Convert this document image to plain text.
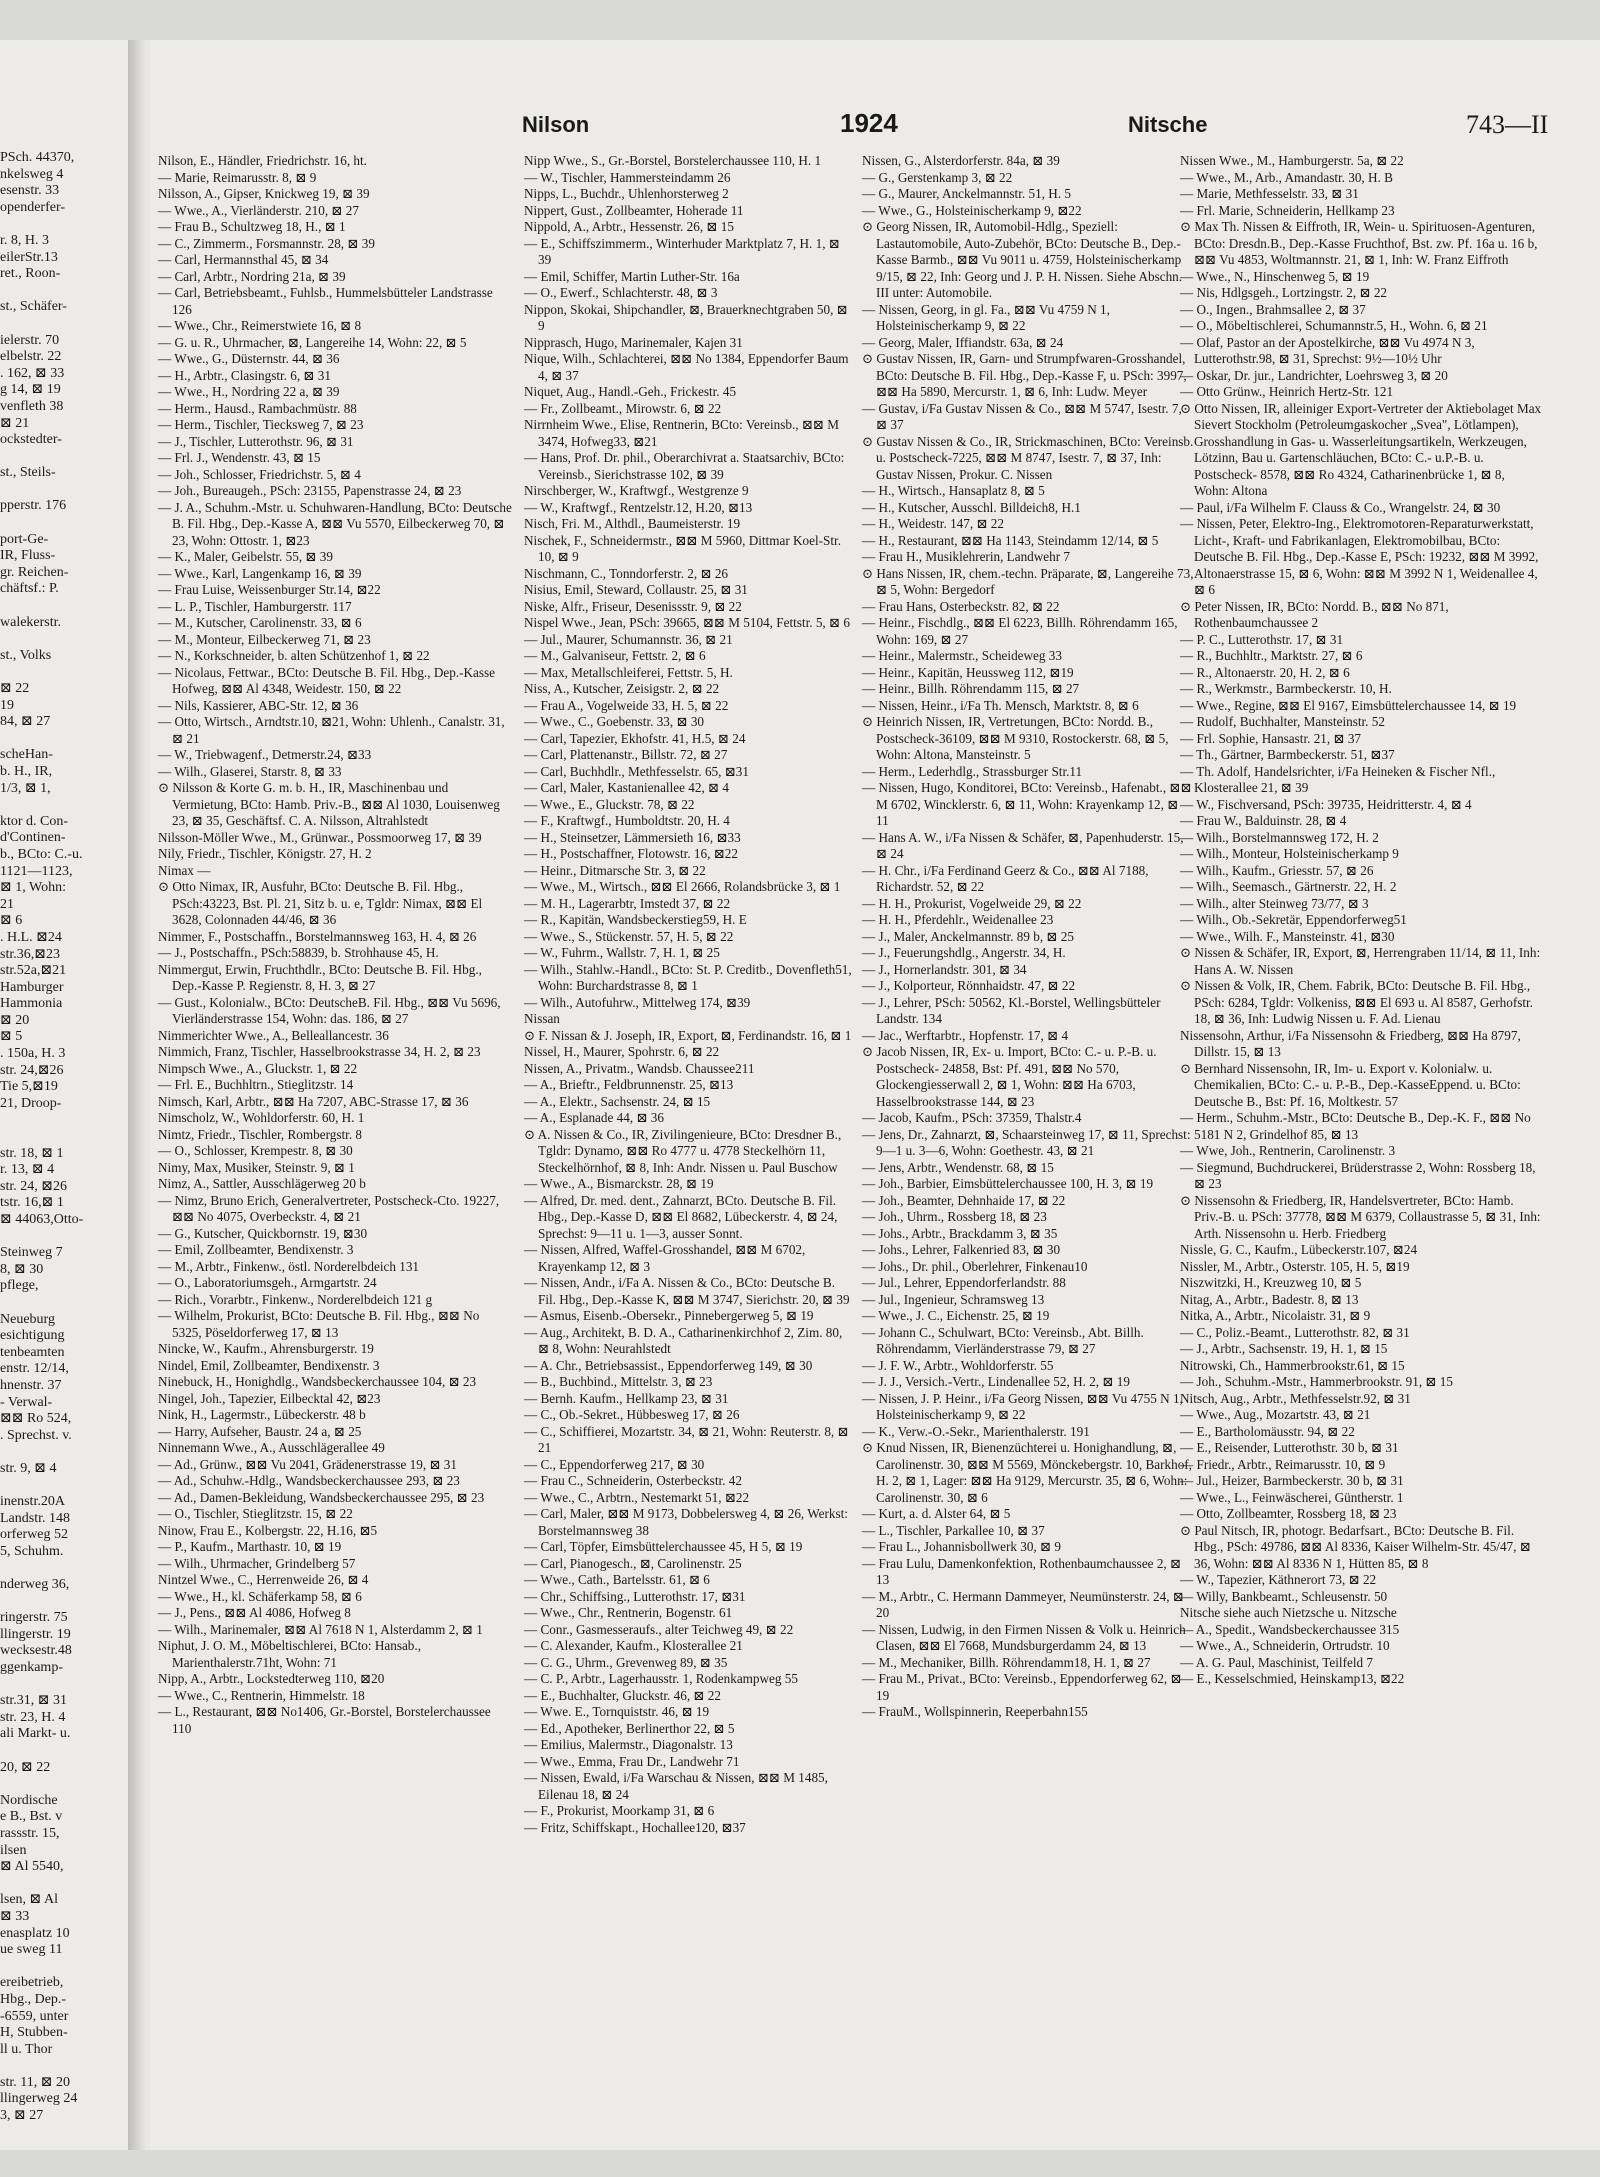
PSch. 44370,
nkelsweg 4
esenstr. 33
openderfer-
r. 8, H. 3
eilerStr.13
ret., Roon-
st., Schäfer-
ielerstr. 70
elbelstr. 22
. 162, ⊠ 33
g 14, ⊠ 19
venfleth 38
⊠ 21
ockstedter-
st., Steils-
pperstr. 176
port-Ge-
IR, Fluss-
gr. Reichen-
chäftsf.: P.
walekerstr.
st., Volks
⊠ 22
19
84, ⊠ 27
scheHan-
b. H., IR,
1/3, ⊠ 1,
ktor d. Con-
d'Continen-
b., BCto: C.-u.
1121—1123,
⊠ 1, Wohn:
21
⊠ 6
. H.L. ⊠24
str.36,⊠23
str.52a,⊠21
Hamburger
Hammonia
⊠ 20
⊠ 5
. 150a, H. 3
str. 24,⊠26
Tie 5,⊠19
21, Droop-
str. 18, ⊠ 1
r. 13, ⊠ 4
str. 24, ⊠26
tstr. 16,⊠ 1
⊠ 44063,Otto-
Steinweg 7
8, ⊠ 30
pflege,
Neueburg
esichtigung
tenbeamten
enstr. 12/14,
hnenstr. 37
- Verwal-
⊠⊠ Ro 524,
. Sprechst. v.
str. 9, ⊠ 4
inenstr.20A
Landstr. 148
orferweg 52
5, Schuhm.
nderweg 36,
ringerstr. 75
llingerstr. 19
wecksestr.48
ggenkamp-
str.31, ⊠ 31
str. 23, H. 4
ali Markt- u.
20, ⊠ 22
Nordische
e B., Bst. v
rassstr. 15,
ilsen
⊠ Al 5540,
lsen, ⊠ Al
⊠ 33
enasplatz 10
ue sweg 11
ereibetrieb,
Hbg., Dep.-
-6559, unter
H, Stubben-
ll u. Thor
str. 11, ⊠ 20
llingerweg 24
3, ⊠ 27
Nilson	1924	Nitsche	743—II

Nilson, E., Händler, Friedrichstr. 16, ht.

— Marie, Reimarusstr. 8, ⊠ 9

Nilsson, A., Gipser, Knickweg 19, ⊠ 39

— Wwe., A., Vierländerstr. 210, ⊠ 27

— Frau B., Schultzweg 18, H., ⊠ 1

— C., Zimmerm., Forsmannstr. 28, ⊠ 39

— Carl, Hermannsthal 45, ⊠ 34

— Carl, Arbtr., Nordring 21a, ⊠ 39

— Carl, Betriebsbeamt., Fuhlsb., Hummelsbütteler Landstrasse 126

— Wwe., Chr., Reimerstwiete 16, ⊠ 8

— G. u. R., Uhrmacher, ⊠, Langereihe 14, Wohn: 22, ⊠ 5

— Wwe., G., Düsternstr. 44, ⊠ 36

— H., Arbtr., Clasingstr. 6, ⊠ 31

— Wwe., H., Nordring 22 a, ⊠ 39

— Herm., Hausd., Rambachmüstr. 88

— Herm., Tischler, Tiecksweg 7, ⊠ 23

— J., Tischler, Lutterothstr. 96, ⊠ 31

— Frl. J., Wendenstr. 43, ⊠ 15

— Joh., Schlosser, Friedrichstr. 5, ⊠ 4

— Joh., Bureaugeh., PSch: 23155, Papenstrasse 24, ⊠ 23

— J. A., Schuhm.-Mstr. u. Schuhwaren-Handlung, BCto: Deutsche B. Fil. Hbg., Dep.-Kasse A, ⊠⊠ Vu 5570, Eilbeckerweg 70, ⊠ 23, Wohn: Ottostr. 1, ⊠23

— K., Maler, Geibelstr. 55, ⊠ 39

— Wwe., Karl, Langenkamp 16, ⊠ 39

— Frau Luise, Weissenburger Str.14, ⊠22

— L. P., Tischler, Hamburgerstr. 117

— M., Kutscher, Carolinenstr. 33, ⊠ 6

— M., Monteur, Eilbeckerweg 71, ⊠ 23

— N., Korkschneider, b. alten Schützenhof 1, ⊠ 22

— Nicolaus, Fettwar., BCto: Deutsche B. Fil. Hbg., Dep.-Kasse Hofweg, ⊠⊠ Al 4348, Weidestr. 150, ⊠ 22

— Nils, Kassierer, ABC-Str. 12, ⊠ 36

— Otto, Wirtsch., Arndtstr.10, ⊠21, Wohn: Uhlenh., Canalstr. 31, ⊠ 21

— W., Triebwagenf., Detmerstr.24, ⊠33

— Wilh., Glaserei, Starstr. 8, ⊠ 33

⊙ Nilsson & Korte G. m. b. H., IR, Maschinenbau und Vermietung, BCto: Hamb. Priv.-B., ⊠⊠ Al 1030, Louisenweg 23, ⊠ 35, Geschäftsf. C. A. Nilsson, Altrahlstedt

Nilsson-Möller Wwe., M., Grünwar., Possmoorweg 17, ⊠ 39

Nily, Friedr., Tischler, Königstr. 27, H. 2

Nimax —

⊙ Otto Nimax, IR, Ausfuhr, BCto: Deutsche B. Fil. Hbg., PSch:43223, Bst. Pl. 21, Sitz b. u. e, Tgldr: Nimax, ⊠⊠ El 3628, Colonnaden 44/46, ⊠ 36

Nimmer, F., Postschaffn., Borstelmannsweg 163, H. 4, ⊠ 26

— J., Postschaffn., PSch:58839, b. Strohhause 45, H.

Nimmergut, Erwin, Fruchthdlr., BCto: Deutsche B. Fil. Hbg., Dep.-Kasse P. Regienstr. 8, H. 3, ⊠ 27

— Gust., Kolonialw., BCto: DeutscheB. Fil. Hbg., ⊠⊠ Vu 5696, Vierländerstrasse 154, Wohn: das. 186, ⊠ 27

Nimmerichter Wwe., A., Belleallancestr. 36

Nimmich, Franz, Tischler, Hasselbrookstrasse 34, H. 2, ⊠ 23

Nimpsch Wwe., A., Gluckstr. 1, ⊠ 22

— Frl. E., Buchhltrn., Stieglitzstr. 14

Nimsch, Karl, Arbtr., ⊠⊠ Ha 7207, ABC-Strasse 17, ⊠ 36

Nimscholz, W., Wohldorferstr. 60, H. 1

Nimtz, Friedr., Tischler, Rombergstr. 8

— O., Schlosser, Krempestr. 8, ⊠ 30

Nimy, Max, Musiker, Steinstr. 9, ⊠ 1

Nimz, A., Sattler, Ausschlägerweg 20 b

— Nimz, Bruno Erich, Generalvertreter, Postscheck-Cto. 19227, ⊠⊠ No 4075, Overbeckstr. 4, ⊠ 21

— G., Kutscher, Quickbornstr. 19, ⊠30

— Emil, Zollbeamter, Bendixenstr. 3

— M., Arbtr., Finkenw., östl. Norderelbdeich 131

— O., Laboratoriumsgeh., Armgartstr. 24

— Rich., Vorarbtr., Finkenw., Norderelbdeich 121 g

— Wilhelm, Prokurist, BCto: Deutsche B. Fil. Hbg., ⊠⊠ No 5325, Pöseldorferweg 17, ⊠ 13

Nincke, W., Kaufm., Ahrensburgerstr. 19

Nindel, Emil, Zollbeamter, Bendixenstr. 3

Ninebuck, H., Honighdlg., Wandsbeckerchaussee 104, ⊠ 23

Ningel, Joh., Tapezier, Eilbecktal 42, ⊠23

Nink, H., Lagermstr., Lübeckerstr. 48 b

— Harry, Aufseher, Baustr. 24 a, ⊠ 25

Ninnemann Wwe., A., Ausschlägerallee 49

— Ad., Grünw., ⊠⊠ Vu 2041, Grädenerstrasse 19, ⊠ 31

— Ad., Schuhw.-Hdlg., Wandsbeckerchaussee 293, ⊠ 23

— Ad., Damen-Bekleidung, Wandsbeckerchaussee 295, ⊠ 23

— O., Tischler, Stieglitzstr. 15, ⊠ 22

Ninow, Frau E., Kolbergstr. 22, H.16, ⊠5

— P., Kaufm., Marthastr. 10, ⊠ 19

— Wilh., Uhrmacher, Grindelberg 57

Nintzel Wwe., C., Herrenweide 26, ⊠ 4

— Wwe., H., kl. Schäferkamp 58, ⊠ 6

— J., Pens., ⊠⊠ Al 4086, Hofweg 8

— Wilh., Marinemaler, ⊠⊠ Al 7618 N 1, Alsterdamm 2, ⊠ 1

Niphut, J. O. M., Möbeltischlerei, BCto: Hansab., Marienthalerstr.71ht, Wohn: 71

Nipp, A., Arbtr., Lockstedterweg 110, ⊠20

— Wwe., C., Rentnerin, Himmelstr. 18

— L., Restaurant, ⊠⊠ No1406, Gr.-Borstel, Borstelerchaussee 110

Nipp Wwe., S., Gr.-Borstel, Borstelerchaussee 110, H. 1

— W., Tischler, Hammersteindamm 26

Nipps, L., Buchdr., Uhlenhorsterweg 2

Nippert, Gust., Zollbeamter, Hoherade 11

Nippold, A., Arbtr., Hessenstr. 26, ⊠ 15

— E., Schiffszimmerm., Winterhuder Marktplatz 7, H. 1, ⊠ 39

— Emil, Schiffer, Martin Luther-Str. 16a

— O., Ewerf., Schlachterstr. 48, ⊠ 3

Nippon, Skokai, Shipchandler, ⊠, Brauerknechtgraben 50, ⊠ 9

Nipprasch, Hugo, Marinemaler, Kajen 31

Nique, Wilh., Schlachterei, ⊠⊠ No 1384, Eppendorfer Baum 4, ⊠ 37

Niquet, Aug., Handl.-Geh., Frickestr. 45

— Fr., Zollbeamt., Mirowstr. 6, ⊠ 22

Nirrnheim Wwe., Elise, Rentnerin, BCto: Vereinsb., ⊠⊠ M 3474, Hofweg33, ⊠21

— Hans, Prof. Dr. phil., Oberarchivrat a. Staatsarchiv, BCto: Vereinsb., Sierichstrasse 102, ⊠ 39

Nirschberger, W., Kraftwgf., Westgrenze 9

— W., Kraftwgf., Rentzelstr.12, H.20, ⊠13

Nisch, Fri. M., Althdl., Baumeisterstr. 19

Nischek, F., Schneidermstr., ⊠⊠ M 5960, Dittmar Koel-Str. 10, ⊠ 9

Nischmann, C., Tonndorferstr. 2, ⊠ 26

Nisius, Emil, Steward, Collaustr. 25, ⊠ 31

Niske, Alfr., Friseur, Desenissstr. 9, ⊠ 22

Nispel Wwe., Jean, PSch: 39665, ⊠⊠ M 5104, Fettstr. 5, ⊠ 6

— Jul., Maurer, Schumannstr. 36, ⊠ 21

— M., Galvaniseur, Fettstr. 2, ⊠ 6

— Max, Metallschleiferei, Fettstr. 5, H.

Niss, A., Kutscher, Zeisigstr. 2, ⊠ 22

— Frau A., Vogelweide 33, H. 5, ⊠ 22

— Wwe., C., Goebenstr. 33, ⊠ 30

— Carl, Tapezier, Ekhofstr. 41, H.5, ⊠ 24

— Carl, Plattenanstr., Billstr. 72, ⊠ 27

— Carl, Buchhdlr., Methfesselstr. 65, ⊠31

— Carl, Maler, Kastanienallee 42, ⊠ 4

— Wwe., E., Gluckstr. 78, ⊠ 22

— F., Kraftwgf., Humboldtstr. 20, H. 4

— H., Steinsetzer, Lämmersieth 16, ⊠33

— H., Postschaffner, Flotowstr. 16, ⊠22

— Heinr., Ditmarsche Str. 3, ⊠ 22

— Wwe., M., Wirtsch., ⊠⊠ El 2666, Rolandsbrücke 3, ⊠ 1

— M. H., Lagerarbtr, Imstedt 37, ⊠ 22

— R., Kapitän, Wandsbeckerstieg59, H. E

— Wwe., S., Stückenstr. 57, H. 5, ⊠ 22

— W., Fuhrm., Wallstr. 7, H. 1, ⊠ 25

— Wilh., Stahlw.-Handl., BCto: St. P. Creditb., Dovenfleth51, Wohn: Burchardstrasse 8, ⊠ 1

— Wilh., Autofuhrw., Mittelweg 174, ⊠39

Nissan

⊙ F. Nissan & J. Joseph, IR, Export, ⊠, Ferdinandstr. 16, ⊠ 1

Nissel, H., Maurer, Spohrstr. 6, ⊠ 22

Nissen, A., Privatm., Wandsb. Chaussee211

— A., Brieftr., Feldbrunnenstr. 25, ⊠13

— A., Elektr., Sachsenstr. 24, ⊠ 15

— A., Esplanade 44, ⊠ 36

⊙ A. Nissen & Co., IR, Zivilingenieure, BCto: Dresdner B., Tgldr: Dynamo, ⊠⊠ Ro 4777 u. 4778 Steckelhörn 11, Steckelhörnhof, ⊠ 8, Inh: Andr. Nissen u. Paul Buschow

— Wwe., A., Bismarckstr. 28, ⊠ 19

— Alfred, Dr. med. dent., Zahnarzt, BCto. Deutsche B. Fil. Hbg., Dep.-Kasse D, ⊠⊠ El 8682, Lübeckerstr. 4, ⊠ 24, Sprechst: 9—11 u. 1—3, ausser Sonnt.

— Nissen, Alfred, Waffel-Grosshandel, ⊠⊠ M 6702, Krayenkamp 12, ⊠ 3

— Nissen, Andr., i/Fa A. Nissen & Co., BCto: Deutsche B. Fil. Hbg., Dep.-Kasse K, ⊠⊠ M 3747, Sierichstr. 20, ⊠ 39

— Asmus, Eisenb.-Obersekr., Pinnebergerweg 5, ⊠ 19

— Aug., Architekt, B. D. A., Catharinenkirchhof 2, Zim. 80, ⊠ 8, Wohn: Neurahlstedt

— A. Chr., Betriebsassist., Eppendorferweg 149, ⊠ 30

— B., Buchbind., Mittelstr. 3, ⊠ 23

— Bernh. Kaufm., Hellkamp 23, ⊠ 31

— C., Ob.-Sekret., Hübbesweg 17, ⊠ 26

— C., Schiffierei, Mozartstr. 34, ⊠ 21, Wohn: Reuterstr. 8, ⊠ 21

— C., Eppendorferweg 217, ⊠ 30

— Frau C., Schneiderin, Osterbeckstr. 42

— Wwe., C., Arbtrn., Nestemarkt 51, ⊠22

— Carl, Maler, ⊠⊠ M 9173, Dobbelersweg 4, ⊠ 26, Werkst: Borstelmannsweg 38

— Carl, Töpfer, Eimsbüttelerchaussee 45, H 5, ⊠ 19

— Carl, Pianogesch., ⊠, Carolinenstr. 25

— Wwe., Cath., Bartelsstr. 61, ⊠ 6

— Chr., Schiffsing., Lutterothstr. 17, ⊠31

— Wwe., Chr., Rentnerin, Bogenstr. 61

— Conr., Gasmesseraufs., alter Teichweg 49, ⊠ 22

— C. Alexander, Kaufm., Klosterallee 21

— C. G., Uhrm., Grevenweg 89, ⊠ 35

— C. P., Arbtr., Lagerhausstr. 1, Rodenkampweg 55

— E., Buchhalter, Gluckstr. 46, ⊠ 22

— Wwe. E., Tornquiststr. 46, ⊠ 19

— Ed., Apotheker, Berlinerthor 22, ⊠ 5

— Emilius, Malermstr., Diagonalstr. 13

— Wwe., Emma, Frau Dr., Landwehr 71

— Nissen, Ewald, i/Fa Warschau & Nissen, ⊠⊠ M 1485, Eilenau 18, ⊠ 24

— F., Prokurist, Moorkamp 31, ⊠ 6

— Fritz, Schiffskapt., Hochallee120, ⊠37

Nissen, G., Alsterdorferstr. 84a, ⊠ 39

— G., Gerstenkamp 3, ⊠ 22

— G., Maurer, Anckelmannstr. 51, H. 5

— Wwe., G., Holsteinischerkamp 9, ⊠22

⊙ Georg Nissen, IR, Automobil-Hdlg., Speziell: Lastautomobile, Auto-Zubehör, BCto: Deutsche B., Dep.-Kasse Barmb., ⊠⊠ Vu 9011 u. 4759, Holsteinischerkamp 9/15, ⊠ 22, Inh: Georg und J. P. H. Nissen. Siehe Abschn. III unter: Automobile.

— Nissen, Georg, in gl. Fa., ⊠⊠ Vu 4759 N 1, Holsteinischerkamp 9, ⊠ 22

— Georg, Maler, Iffiandstr. 63a, ⊠ 24

⊙ Gustav Nissen, IR, Garn- und Strumpfwaren-Grosshandel, BCto: Deutsche B. Fil. Hbg., Dep.-Kasse F, u. PSch: 3997, ⊠⊠ Ha 5890, Mercurstr. 1, ⊠ 6, Inh: Ludw. Meyer

— Gustav, i/Fa Gustav Nissen & Co., ⊠⊠ M 5747, Isestr. 7, ⊠ 37

⊙ Gustav Nissen & Co., IR, Strickmaschinen, BCto: Vereinsb. u. Postscheck-7225, ⊠⊠ M 8747, Isestr. 7, ⊠ 37, Inh: Gustav Nissen, Prokur. C. Nissen

— H., Wirtsch., Hansaplatz 8, ⊠ 5

— H., Kutscher, Ausschl. Billdeich8, H.1

— H., Weidestr. 147, ⊠ 22

— H., Restaurant, ⊠⊠ Ha 1143, Steindamm 12/14, ⊠ 5

— Frau H., Musiklehrerin, Landwehr 7

⊙ Hans Nissen, IR, chem.-techn. Präparate, ⊠, Langereihe 73, ⊠ 5, Wohn: Bergedorf

— Frau Hans, Osterbeckstr. 82, ⊠ 22

— Heinr., Fischdlg., ⊠⊠ El 6223, Billh. Röhrendamm 165, Wohn: 169, ⊠ 27

— Heinr., Malermstr., Scheideweg 33

— Heinr., Kapitän, Heussweg 112, ⊠19

— Heinr., Billh. Röhrendamm 115, ⊠ 27

— Nissen, Heinr., i/Fa Th. Mensch, Marktstr. 8, ⊠ 6

⊙ Heinrich Nissen, IR, Vertretungen, BCto: Nordd. B., Postscheck-36109, ⊠⊠ M 9310, Rostockerstr. 68, ⊠ 5, Wohn: Altona, Mansteinstr. 5

— Herm., Lederhdlg., Strassburger Str.11

— Nissen, Hugo, Konditorei, BCto: Vereinsb., Hafenabt., ⊠⊠ M 6702, Wincklerstr. 6, ⊠ 11, Wohn: Krayenkamp 12, ⊠ 11

— Hans A. W., i/Fa Nissen & Schäfer, ⊠, Papenhuderstr. 15, ⊠ 24

— H. Chr., i/Fa Ferdinand Geerz & Co., ⊠⊠ Al 7188, Richardstr. 52, ⊠ 22

— H. H., Prokurist, Vogelweide 29, ⊠ 22

— H. H., Pferdehlr., Weidenallee 23

— J., Maler, Anckelmannstr. 89 b, ⊠ 25

— J., Feuerungshdlg., Angerstr. 34, H.

— J., Hornerlandstr. 301, ⊠ 34

— J., Kolporteur, Rönnhaidstr. 47, ⊠ 22

— J., Lehrer, PSch: 50562, Kl.-Borstel, Wellingsbütteler Landstr. 134

— Jac., Werftarbtr., Hopfenstr. 17, ⊠ 4

⊙ Jacob Nissen, IR, Ex- u. Import, BCto: C.- u. P.-B. u. Postscheck- 24858, Bst: Pf. 491, ⊠⊠ No 570, Glockengiesserwall 2, ⊠ 1, Wohn: ⊠⊠ Ha 6703, Hasselbrookstrasse 144, ⊠ 23

— Jacob, Kaufm., PSch: 37359, Thalstr.4

— Jens, Dr., Zahnarzt, ⊠, Schaarsteinweg 17, ⊠ 11, Sprechst: 9—1 u. 3—6, Wohn: Goethestr. 43, ⊠ 21

— Jens, Arbtr., Wendenstr. 68, ⊠ 15

— Joh., Barbier, Eimsbüttelerchaussee 100, H. 3, ⊠ 19

— Joh., Beamter, Dehnhaide 17, ⊠ 22

— Joh., Uhrm., Rossberg 18, ⊠ 23

— Johs., Arbtr., Brackdamm 3, ⊠ 35

— Johs., Lehrer, Falkenried 83, ⊠ 30

— Johs., Dr. phil., Oberlehrer, Finkenau10

— Jul., Lehrer, Eppendorferlandstr. 88

— Jul., Ingenieur, Schramsweg 13

— Wwe., J. C., Eichenstr. 25, ⊠ 19

— Johann C., Schulwart, BCto: Vereinsb., Abt. Billh. Röhrendamm, Vierländerstrasse 79, ⊠ 27

— J. F. W., Arbtr., Wohldorferstr. 55

— J. J., Versich.-Vertr., Lindenallee 52, H. 2, ⊠ 19

— Nissen, J. P. Heinr., i/Fa Georg Nissen, ⊠⊠ Vu 4755 N 1, Holsteinischerkamp 9, ⊠ 22

— K., Verw.-O.-Sekr., Marienthalerstr. 191

⊙ Knud Nissen, IR, Bienenzüchterei u. Honighandlung, ⊠, Carolinenstr. 30, ⊠⊠ M 5569, Mönckebergstr. 10, Barkhof, H. 2, ⊠ 1, Lager: ⊠⊠ Ha 9129, Mercurstr. 35, ⊠ 6, Wohn: Carolinenstr. 30, ⊠ 6

— Kurt, a. d. Alster 64, ⊠ 5

— L., Tischler, Parkallee 10, ⊠ 37

— Frau L., Johannisbollwerk 30, ⊠ 9

— Frau Lulu, Damenkonfektion, Rothenbaumchaussee 2, ⊠ 13

— M., Arbtr., C. Hermann Dammeyer, Neumünsterstr. 24, ⊠ 20

— Nissen, Ludwig, in den Firmen Nissen & Volk u. Heinrich Clasen, ⊠⊠ El 7668, Mundsburgerdamm 24, ⊠ 13

— M., Mechaniker, Billh. Röhrendamm18, H. 1, ⊠ 27

— Frau M., Privat., BCto: Vereinsb., Eppendorferweg 62, ⊠ 19

— FrauM., Wollspinnerin, Reeperbahn155

Nissen Wwe., M., Hamburgerstr. 5a, ⊠ 22

— Wwe., M., Arb., Amandastr. 30, H. B

— Marie, Methfesselstr. 33, ⊠ 31

— Frl. Marie, Schneiderin, Hellkamp 23

⊙ Max Th. Nissen & Eiffroth, IR, Wein- u. Spirituosen-Agenturen, BCto: Dresdn.B., Dep.-Kasse Fruchthof, Bst. zw. Pf. 16a u. 16 b, ⊠⊠ Vu 4853, Woltmannstr. 21, ⊠ 1, Inh: W. Franz Eiffroth

— Wwe., N., Hinschenweg 5, ⊠ 19

— Nis, Hdlgsgeh., Lortzingstr. 2, ⊠ 22

— O., Ingen., Brahmsallee 2, ⊠ 37

— O., Möbeltischlerei, Schumannstr.5, H., Wohn. 6, ⊠ 21

— Olaf, Pastor an der Apostelkirche, ⊠⊠ Vu 4974 N 3, Lutterothstr.98, ⊠ 31, Sprechst: 9½—10½ Uhr

— Oskar, Dr. jur., Landrichter, Loehrsweg 3, ⊠ 20

— Otto Grünw., Heinrich Hertz-Str. 121

⊙ Otto Nissen, IR, alleiniger Export-Vertreter der Aktiebolaget Max Sievert Stockholm (Petroleumgaskocher „Sveа", Lötlampen), Grosshandlung in Gas- u. Wasserleitungsartikeln, Werkzeugen, Lötzinn, Bau u. Gartenschläuchen, BCto: C.- u.P.-B. u. Postscheck- 8578, ⊠⊠ Ro 4324, Catharinenbrücke 1, ⊠ 8, Wohn: Altona

— Paul, i/Fa Wilhelm F. Clauss & Co., Wrangelstr. 24, ⊠ 30

— Nissen, Peter, Elektro-Ing., Elektromotoren-Reparaturwerkstatt, Licht-, Kraft- und Fabrikanlagen, Elektromobilbau, BCto: Deutsche B. Fil. Hbg., Dep.-Kasse E, PSch: 19232, ⊠⊠ M 3992, Altonaerstrasse 15, ⊠ 6, Wohn: ⊠⊠ M 3992 N 1, Weidenallee 4, ⊠ 6

⊙ Peter Nissen, IR, BCto: Nordd. B., ⊠⊠ No 871, Rothenbaumchaussee 2

— P. C., Lutterothstr. 17, ⊠ 31

— R., Buchhltr., Marktstr. 27, ⊠ 6

— R., Altonaerstr. 20, H. 2, ⊠ 6

— R., Werkmstr., Barmbeckerstr. 10, H.

— Wwe., Regine, ⊠⊠ El 9167, Eimsbüttelerchaussee 14, ⊠ 19

— Rudolf, Buchhalter, Mansteinstr. 52

— Frl. Sophie, Hansastr. 21, ⊠ 37

— Th., Gärtner, Barmbeckerstr. 51, ⊠37

— Th. Adolf, Handelsrichter, i/Fa Heineken & Fischer Nfl., Klosterallee 21, ⊠ 39

— W., Fischversand, PSch: 39735, Heidritterstr. 4, ⊠ 4

— Frau W., Balduinstr. 28, ⊠ 4

— Wilh., Borstelmannsweg 172, H. 2

— Wilh., Monteur, Holsteinischerkamp 9

— Wilh., Kaufm., Griesstr. 57, ⊠ 26

— Wilh., Seemasch., Gärtnerstr. 22, H. 2

— Wilh., alter Steinweg 73/77, ⊠ 3

— Wilh., Ob.-Sekretär, Eppendorferweg51

— Wwe., Wilh. F., Mansteinstr. 41, ⊠30

⊙ Nissen & Schäfer, IR, Export, ⊠, Herrengraben 11/14, ⊠ 11, Inh: Hans A. W. Nissen

⊙ Nissen & Volk, IR, Chem. Fabrik, BCto: Deutsche B. Fil. Hbg., PSch: 6284, Tgldr: Volkeniss, ⊠⊠ El 693 u. Al 8587, Gerhofstr. 18, ⊠ 36, Inh: Ludwig Nissen u. F. Ad. Lienau

Nissensohn, Arthur, i/Fa Nissensohn & Friedberg, ⊠⊠ Ha 8797, Dillstr. 15, ⊠ 13

⊙ Bernhard Nissensohn, IR, Im- u. Export v. Kolonialw. u. Chemikalien, BCto: C.- u. P.-B., Dep.-KasseEppend. u. BCto: Deutsche B., Bst: Pf. 16, Moltkestr. 57

— Herm., Schuhm.-Mstr., BCto: Deutsche B., Dep.-K. F., ⊠⊠ No 5181 N 2, Grindelhof 85, ⊠ 13

— Wwe, Joh., Rentnerin, Carolinenstr. 3

— Siegmund, Buchdruckerei, Brüderstrasse 2, Wohn: Rossberg 18, ⊠ 23

⊙ Nissensohn & Friedberg, IR, Handelsvertreter, BCto: Hamb. Priv.-B. u. PSch: 37778, ⊠⊠ M 6379, Collaustrasse 5, ⊠ 31, Inh: Arth. Nissensohn u. Herb. Friedberg

Nissle, G. C., Kaufm., Lübeckerstr.107, ⊠24

Nissler, M., Arbtr., Osterstr. 105, H. 5, ⊠19

Niszwitzki, H., Kreuzweg 10, ⊠ 5

Nitag, A., Arbtr., Badestr. 8, ⊠ 13

Nitka, A., Arbtr., Nicolaistr. 31, ⊠ 9

— C., Poliz.-Beamt., Lutterothstr. 82, ⊠ 31

— J., Arbtr., Sachsenstr. 19, H. 1, ⊠ 15

Nitrowski, Ch., Hammerbrookstr.61, ⊠ 15

— Joh., Schuhm.-Mstr., Hammerbrookstr. 91, ⊠ 15

Nitsch, Aug., Arbtr., Methfesselstr.92, ⊠ 31

— Wwe., Aug., Mozartstr. 43, ⊠ 21

— E., Bartholomäusstr. 94, ⊠ 22

— E., Reisender, Lutterothstr. 30 b, ⊠ 31

— Friedr., Arbtr., Reimarusstr. 10, ⊠ 9

— Jul., Heizer, Barmbeckerstr. 30 b, ⊠ 31

— Wwe., L., Feinwäscherei, Güntherstr. 1

— Otto, Zollbeamter, Rossberg 18, ⊠ 23

⊙ Paul Nitsch, IR, photogr. Bedarfsart., BCto: Deutsche B. Fil. Hbg., PSch: 49786, ⊠⊠ Al 8336, Kaiser Wilhelm-Str. 45/47, ⊠ 36, Wohn: ⊠⊠ Al 8336 N 1, Hütten 85, ⊠ 8

— W., Tapezier, Käthnerort 73, ⊠ 22

— Willy, Bankbeamt., Schleusenstr. 50

Nitsche siehe auch Nietzsche u. Nitzsche

— A., Spedit., Wandsbeckerchaussee 315

— Wwe., A., Schneiderin, Ortrudstr. 10

— A. G. Paul, Maschinist, Teilfeld 7

— E., Kesselschmied, Heinskamp13, ⊠22
